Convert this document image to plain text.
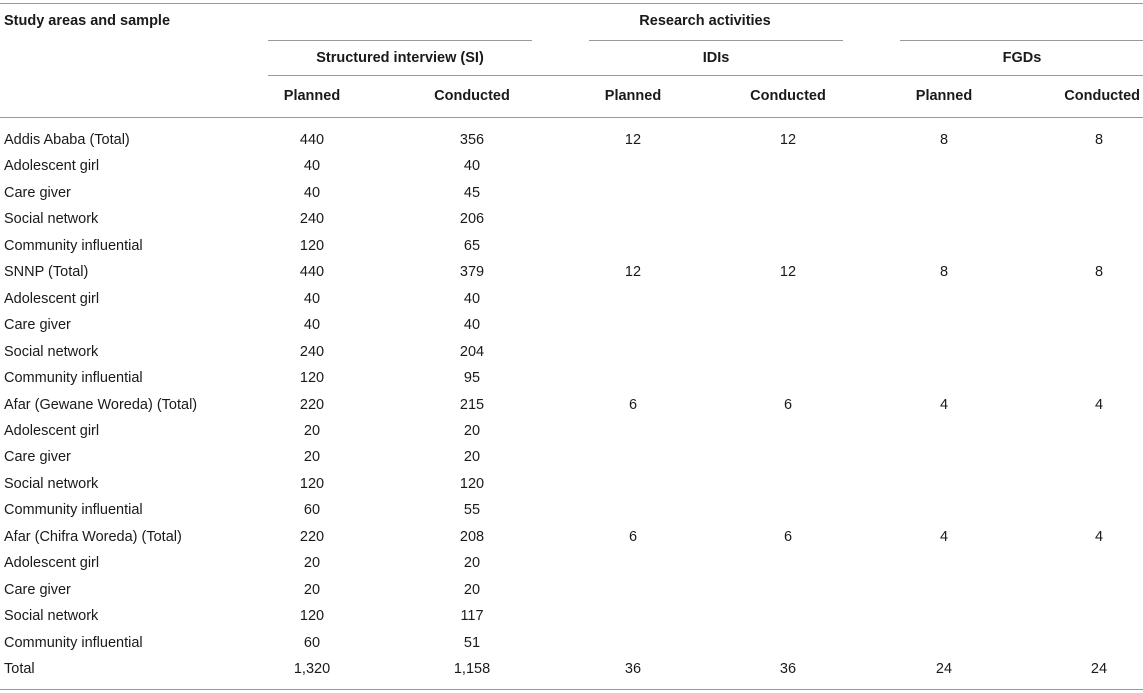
Study areas and sample	Research activities
Structured interview (SI)	IDIs	FGDs
Planned	Conducted	Planned	Conducted	Planned	Conducted
Addis Ababa (Total)	440	356	12	12	8	8
Adolescent girl	40	40
Care giver	40	45
Social network	240	206
Community influential	120	65
SNNP (Total)	440	379	12	12	8	8
Adolescent girl	40	40
Care giver	40	40
Social network	240	204
Community influential	120	95
Afar (Gewane Woreda) (Total)	220	215	6	6	4	4
Adolescent girl	20	20
Care giver	20	20
Social network	120	120
Community influential	60	55
Afar (Chifra Woreda) (Total)	220	208	6	6	4	4
Adolescent girl	20	20
Care giver	20	20
Social network	120	117
Community influential	60	51
Total	1,320	1,158	36	36	24	24
